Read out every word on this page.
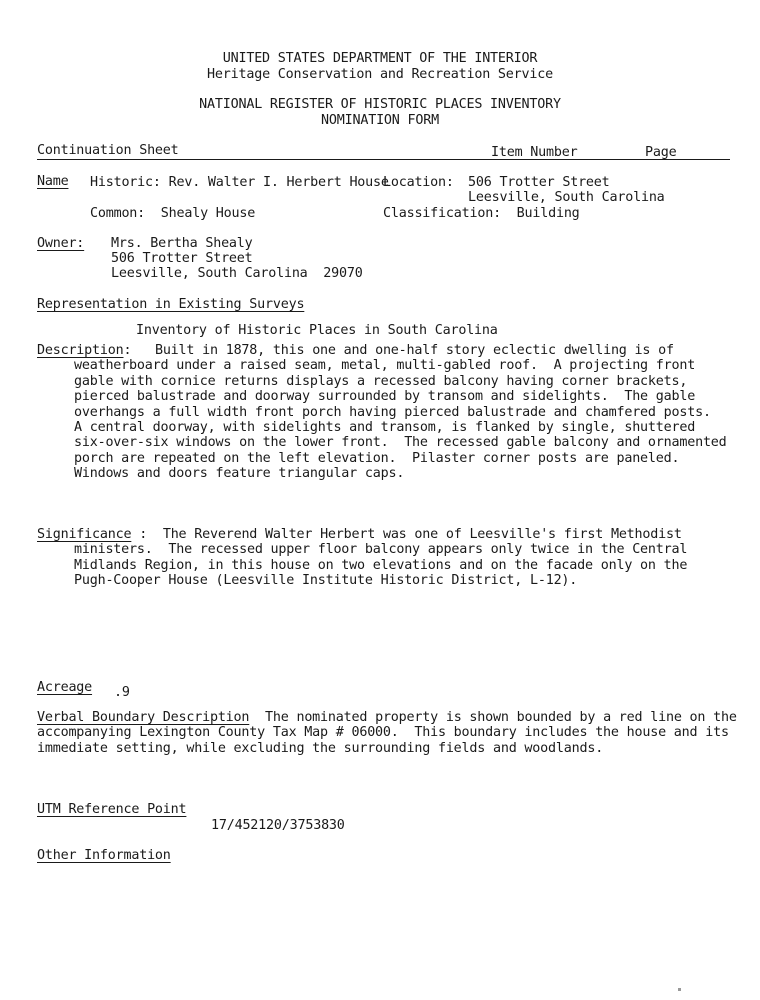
UNITED STATES DEPARTMENT OF THE INTERIOR
Heritage Conservation and Recreation Service
NATIONAL REGISTER OF HISTORIC PLACES INVENTORY
NOMINATION FORM
Continuation Sheet	Item Number	Page
Name Historic: Rev. Walter I. Herbert House
Location: 506 Trotter Street
Leesville, South Carolina
Common:  Shealy House	Classification:  Building
Owner: Mrs. Bertha Shealy
506 Trotter Street
Leesville, South Carolina  29070
Representation in Existing Surveys
Inventory of Historic Places in South Carolina
Description: Built in 1878, this one and one-half story eclectic dwelling is of
weatherboard under a raised seam, metal, multi-gabled roof.  A projecting front
gable with cornice returns displays a recessed balcony having corner brackets,
pierced balustrade and doorway surrounded by transom and sidelights.  The gable
overhangs a full width front porch having pierced balustrade and chamfered posts.
A central doorway, with sidelights and transom, is flanked by single, shuttered
six-over-six windows on the lower front.  The recessed gable balcony and ornamented
porch are repeated on the left elevation.  Pilaster corner posts are paneled.
Windows and doors feature triangular caps.
Significance : The Reverend Walter Herbert was one of Leesville's first Methodist
ministers.  The recessed upper floor balcony appears only twice in the Central
Midlands Region, in this house on two elevations and on the facade only on the
Pugh-Cooper House (Leesville Institute Historic District, L-12).
Acreage .9
Verbal Boundary Description The nominated property is shown bounded by a red line on the
accompanying Lexington County Tax Map # 06000.  This boundary includes the house and its
immediate setting, while excluding the surrounding fields and woodlands.
UTM Reference Point
17/452120/3753830
Other Information
